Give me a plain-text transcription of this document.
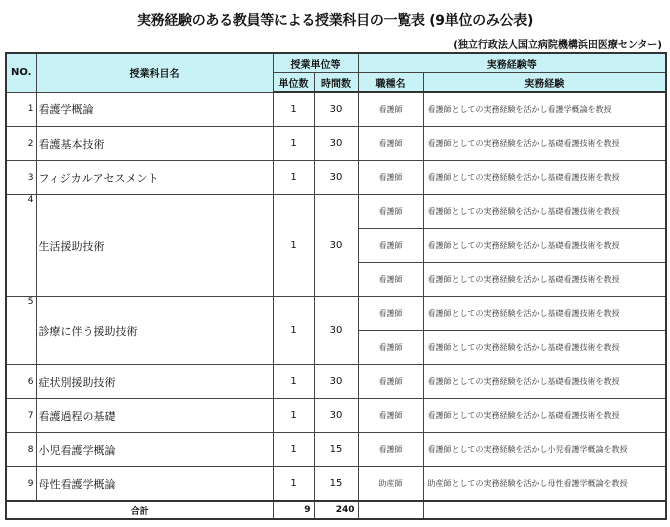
実務経験のある教員等による授業科目の一覧表 (9単位のみ公表)
(独立行政法人国立病院機構浜田医療センター)
NO.	授業科目名	授業単位等		実務経験等	
		単位数	時間数	職種名	実務経験
1	看護学概論	1	30	看護師	看護師としての実務経験を活かし看護学概論を教授
2	看護基本技術	1	30	看護師	看護師としての実務経験を活かし基礎看護技術を教授
3	フィジカルアセスメント	1	30	看護師	看護師としての実務経験を活かし基礎看護技術を教授
4	生活援助技術	1	30	看護師	看護師としての実務経験を活かし基礎看護技術を教授
				看護師	看護師としての実務経験を活かし基礎看護技術を教授
				看護師	看護師としての実務経験を活かし基礎看護技術を教授
5	診療に伴う援助技術	1	30	看護師	看護師としての実務経験を活かし基礎看護技術を教授
				看護師	看護師としての実務経験を活かし基礎看護技術を教授
6	症状別援助技術	1	30	看護師	看護師としての実務経験を活かし基礎看護技術を教授
7	看護過程の基礎	1	30	看護師	看護師としての実務経験を活かし基礎看護技術を教授
8	小児看護学概論	1	15	看護師	看護師としての実務経験を活かし小児看護学概論を教授
9	母性看護学概論	1	15	助産師	助産師としての実務経験を活かし母性看護学概論を教授
合計		9	240		
